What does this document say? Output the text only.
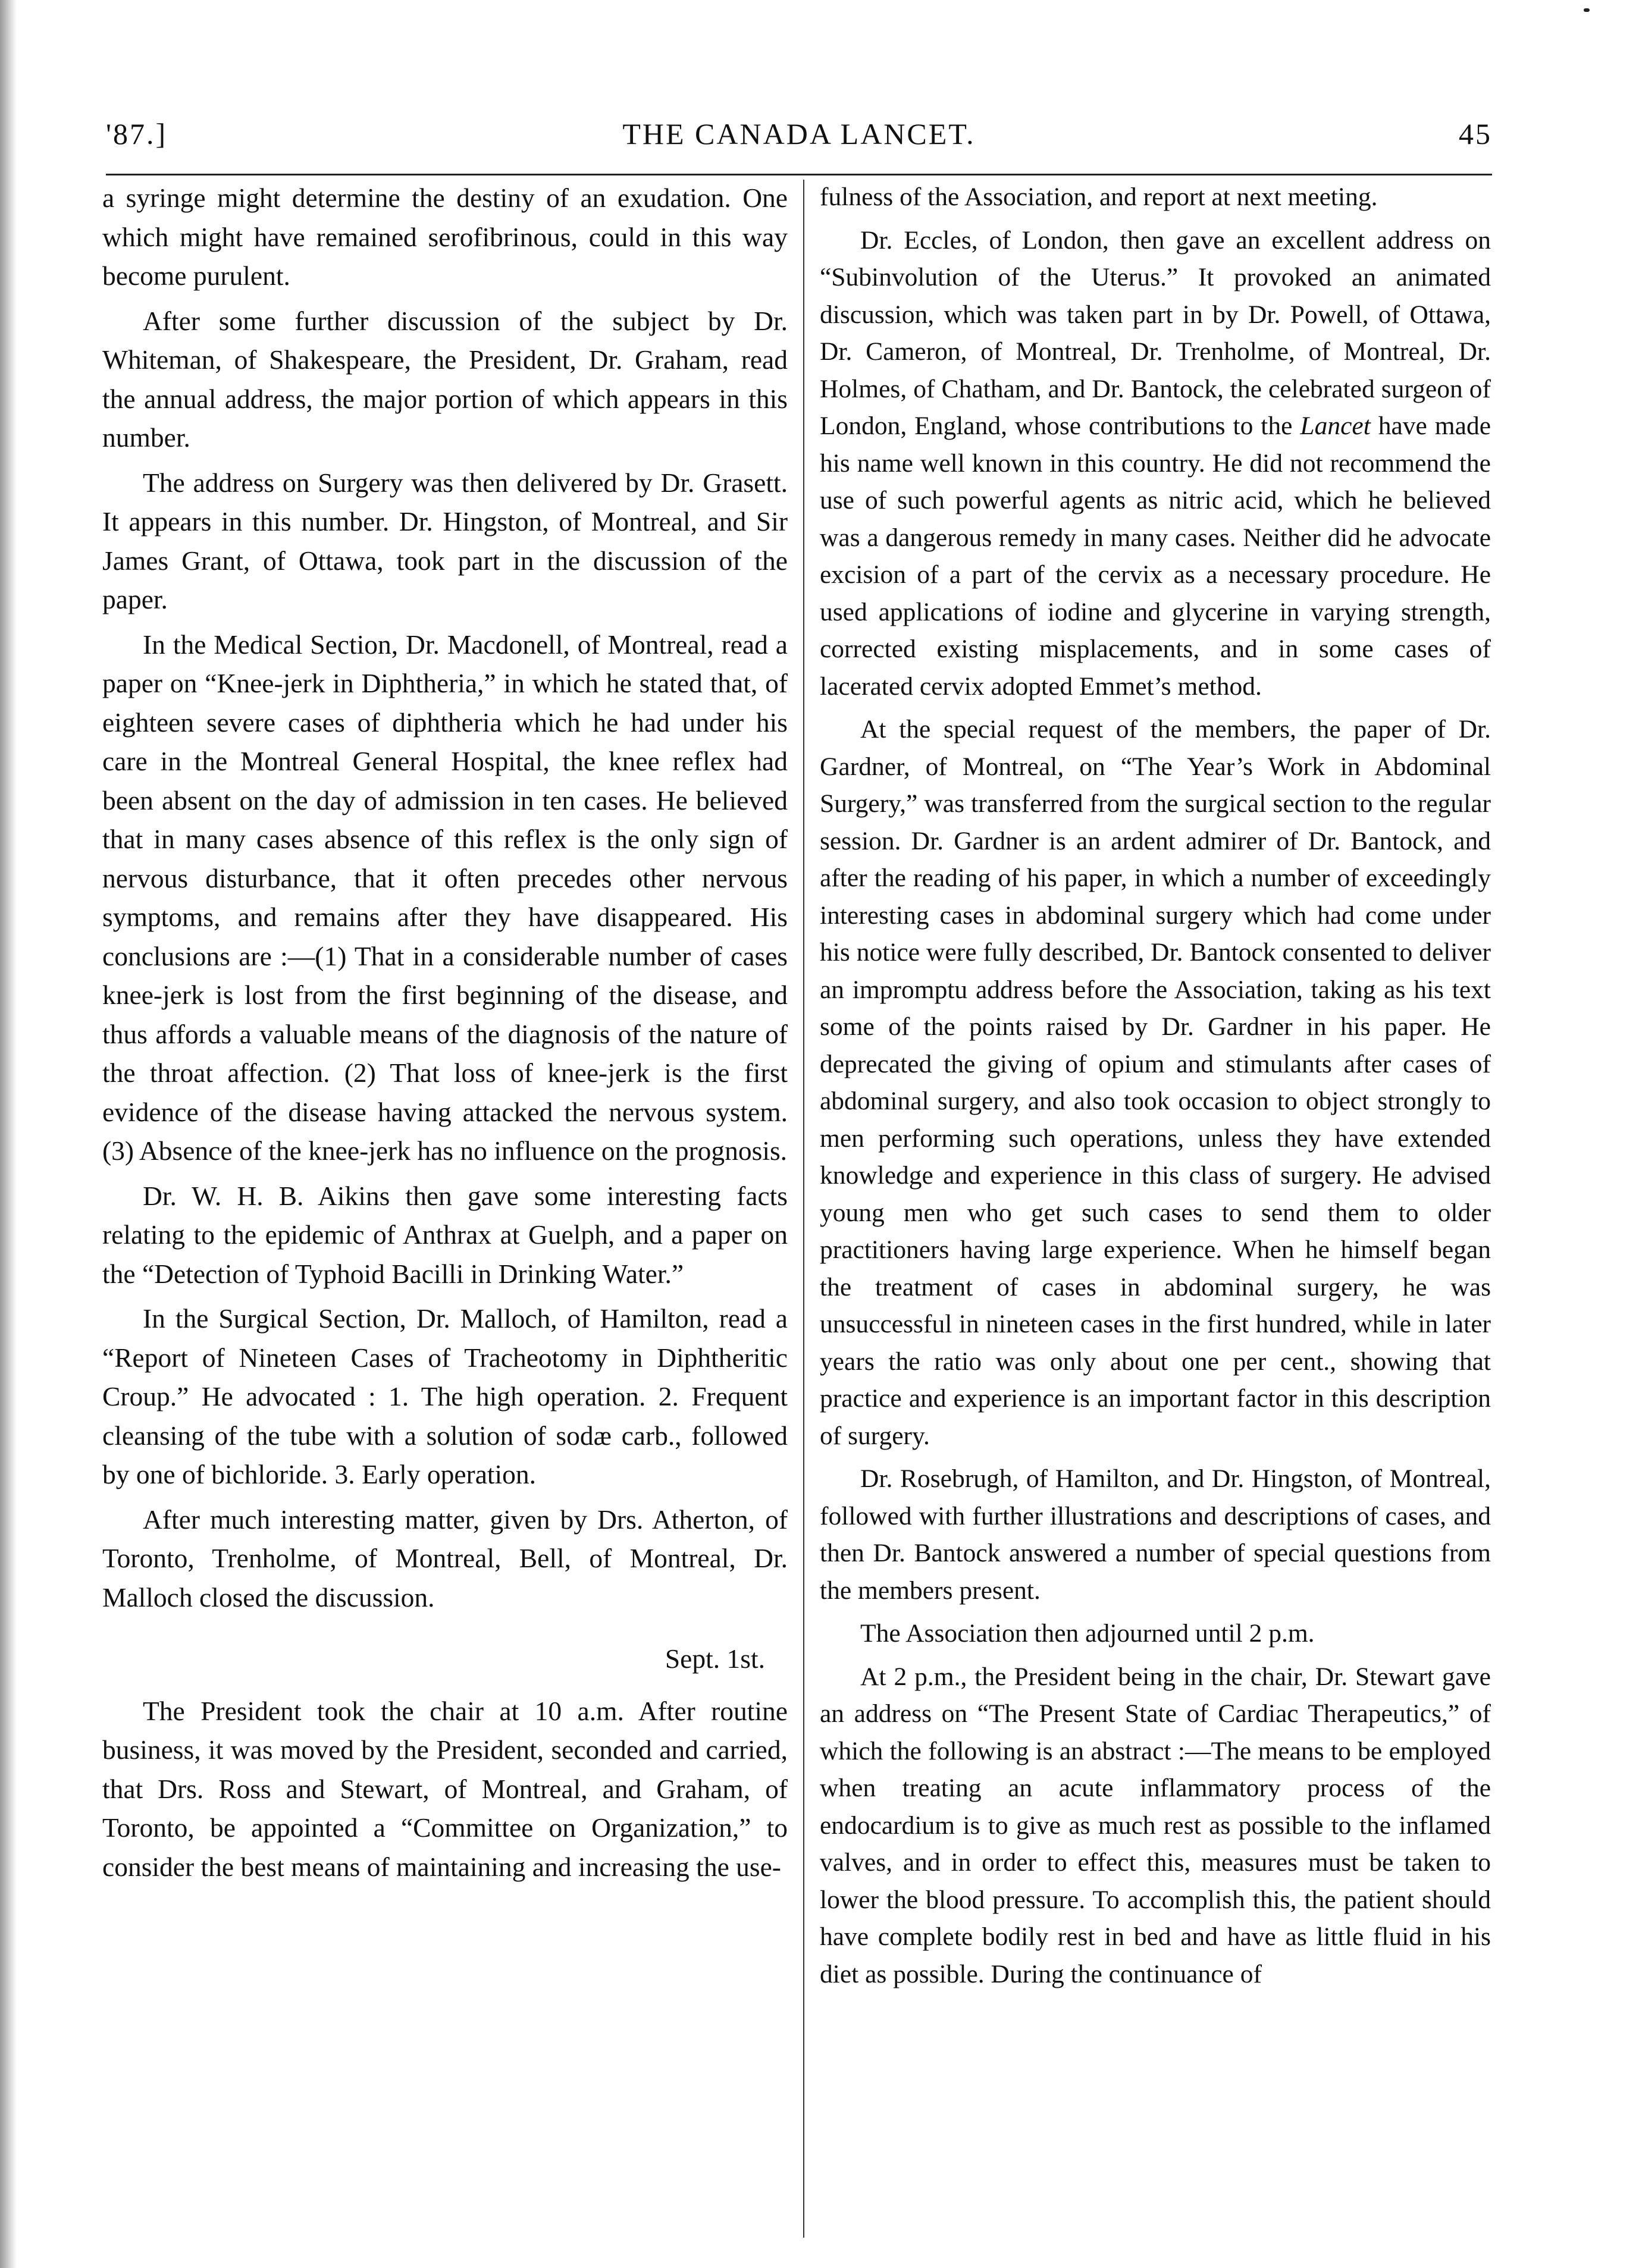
'87.]	THE CANADA LANCET.	45

a syringe might determine the destiny of an exudation. One which might have remained serofibrinous, could in this way become purulent.

After some further discussion of the subject by Dr. Whiteman, of Shakespeare, the President, Dr. Graham, read the annual address, the major portion of which appears in this number.

The address on Surgery was then delivered by Dr. Grasett. It appears in this number. Dr. Hingston, of Montreal, and Sir James Grant, of Ottawa, took part in the discussion of the paper.

In the Medical Section, Dr. Macdonell, of Montreal, read a paper on “Knee-jerk in Diphtheria,” in which he stated that, of eighteen severe cases of diphtheria which he had under his care in the Montreal General Hospital, the knee reflex had been absent on the day of admission in ten cases. He believed that in many cases absence of this reflex is the only sign of nervous disturbance, that it often precedes other nervous symptoms, and remains after they have disappeared. His conclusions are :—(1) That in a considerable number of cases knee-jerk is lost from the first beginning of the disease, and thus affords a valuable means of the diagnosis of the nature of the throat affection. (2) That loss of knee-jerk is the first evidence of the disease having attacked the nervous system. (3) Absence of the knee-jerk has no influence on the prognosis.

Dr. W. H. B. Aikins then gave some interesting facts relating to the epidemic of Anthrax at Guelph, and a paper on the “Detection of Typhoid Bacilli in Drinking Water.”

In the Surgical Section, Dr. Malloch, of Hamilton, read a “Report of Nineteen Cases of Tracheotomy in Diphtheritic Croup.” He advocated : 1. The high operation. 2. Frequent cleansing of the tube with a solution of sodæ carb., followed by one of bichloride. 3. Early operation.

After much interesting matter, given by Drs. Atherton, of Toronto, Trenholme, of Montreal, Bell, of Montreal, Dr. Malloch closed the discussion.

Sept. 1st.

The President took the chair at 10 a.m. After routine business, it was moved by the President, seconded and carried, that Drs. Ross and Stewart, of Montreal, and Graham, of Toronto, be appointed a “Committee on Organization,” to consider the best means of maintaining and increasing the use-

fulness of the Association, and report at next meeting.

Dr. Eccles, of London, then gave an excellent address on “Subinvolution of the Uterus.” It provoked an animated discussion, which was taken part in by Dr. Powell, of Ottawa, Dr. Cameron, of Montreal, Dr. Trenholme, of Montreal, Dr. Holmes, of Chatham, and Dr. Bantock, the celebrated surgeon of London, England, whose contributions to the Lancet have made his name well known in this country. He did not recommend the use of such powerful agents as nitric acid, which he believed was a dangerous remedy in many cases. Neither did he advocate excision of a part of the cervix as a necessary procedure. He used applications of iodine and glycerine in varying strength, corrected existing misplacements, and in some cases of lacerated cervix adopted Emmet’s method.

At the special request of the members, the paper of Dr. Gardner, of Montreal, on “The Year’s Work in Abdominal Surgery,” was transferred from the surgical section to the regular session. Dr. Gardner is an ardent admirer of Dr. Bantock, and after the reading of his paper, in which a number of exceedingly interesting cases in abdominal surgery which had come under his notice were fully described, Dr. Bantock consented to deliver an impromptu address before the Association, taking as his text some of the points raised by Dr. Gardner in his paper. He deprecated the giving of opium and stimulants after cases of abdominal surgery, and also took occasion to object strongly to men performing such operations, unless they have extended knowledge and experience in this class of surgery. He advised young men who get such cases to send them to older practitioners having large experience. When he himself began the treatment of cases in abdominal surgery, he was unsuccessful in nineteen cases in the first hundred, while in later years the ratio was only about one per cent., showing that practice and experience is an important factor in this description of surgery.

Dr. Rosebrugh, of Hamilton, and Dr. Hingston, of Montreal, followed with further illustrations and descriptions of cases, and then Dr. Bantock answered a number of special questions from the members present.

The Association then adjourned until 2 p.m.

At 2 p.m., the President being in the chair, Dr. Stewart gave an address on “The Present State of Cardiac Therapeutics,” of which the following is an abstract :—The means to be employed when treating an acute inflammatory process of the endocardium is to give as much rest as possible to the inflamed valves, and in order to effect this, measures must be taken to lower the blood pressure. To accomplish this, the patient should have complete bodily rest in bed and have as little fluid in his diet as possible. During the continuance of
